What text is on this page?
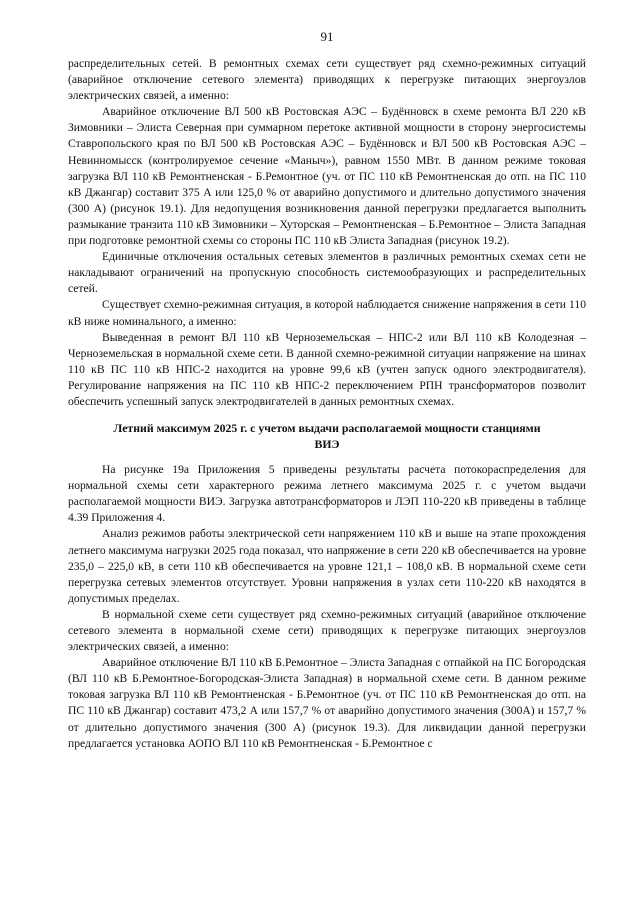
91

распределительных сетей. В ремонтных схемах сети существует ряд схемно-режимных ситуаций (аварийное отключение сетевого элемента) приводящих к перегрузке питающих энергоузлов электрических связей, а именно:

Аварийное отключение ВЛ 500 кВ Ростовская АЭС – Будённовск в схеме ремонта ВЛ 220 кВ Зимовники – Элиста Северная при суммарном перетоке активной мощности в сторону энергосистемы Ставропольского края по ВЛ 500 кВ Ростовская АЭС – Будённовск и ВЛ 500 кВ Ростовская АЭС – Невинномысск (контролируемое сечение «Маныч»), равном 1550 МВт. В данном режиме токовая загрузка ВЛ 110 кВ Ремонтненская - Б.Ремонтное (уч. от ПС 110 кВ Ремонтненская до отп. на ПС 110 кВ Джангар) составит 375 А или 125,0 % от аварийно допустимого и длительно допустимого значения (300 А) (рисунок 19.1). Для недопущения возникновения данной перегрузки предлагается выполнить размыкание транзита 110 кВ Зимовники – Хуторская – Ремонтненская – Б.Ремонтное – Элиста Западная при подготовке ремонтной схемы со стороны ПС 110 кВ Элиста Западная (рисунок 19.2).

Единичные отключения остальных сетевых элементов в различных ремонтных схемах сети не накладывают ограничений на пропускную способность системообразующих и распределительных сетей.

Существует схемно-режимная ситуация, в которой наблюдается снижение напряжения в сети 110 кВ ниже номинального, а именно:

Выведенная в ремонт ВЛ 110 кВ Черноземельская – НПС-2 или ВЛ 110 кВ Колодезная – Черноземельская в нормальной схеме сети. В данной схемно-режимной ситуации напряжение на шинах 110 кВ ПС 110 кВ НПС-2 находится на уровне 99,6 кВ (учтен запуск одного электродвигателя). Регулирование напряжения на ПС 110 кВ НПС-2 переключением РПН трансформаторов позволит обеспечить успешный запуск электродвигателей в данных ремонтных схемах.

Летний максимум 2025 г. с учетом выдачи располагаемой мощности станциями ВИЭ

На рисунке 19а Приложения 5 приведены результаты расчета потокораспределения для нормальной схемы сети характерного режима летнего максимума 2025 г. с учетом выдачи располагаемой мощности ВИЭ. Загрузка автотрансформаторов и ЛЭП 110-220 кВ приведены в таблице 4.39 Приложения 4.

Анализ режимов работы электрической сети напряжением 110 кВ и выше на этапе прохождения летнего максимума нагрузки 2025 года показал, что напряжение в сети 220 кВ обеспечивается на уровне 235,0 – 225,0 кВ, в сети 110 кВ обеспечивается на уровне 121,1 – 108,0 кВ. В нормальной схеме сети перегрузка сетевых элементов отсутствует. Уровни напряжения в узлах сети 110-220 кВ находятся в допустимых пределах.

В нормальной схеме сети существует ряд схемно-режимных ситуаций (аварийное отключение сетевого элемента в нормальной схеме сети) приводящих к перегрузке питающих энергоузлов электрических связей, а именно:

Аварийное отключение ВЛ 110 кВ Б.Ремонтное – Элиста Западная с отпайкой на ПС Богородская (ВЛ 110 кВ Б.Ремонтное-Богородская-Элиста Западная) в нормальной схеме сети. В данном режиме токовая загрузка ВЛ 110 кВ Ремонтненская - Б.Ремонтное (уч. от ПС 110 кВ Ремонтненская до отп. на ПС 110 кВ Джангар) составит 473,2 А или 157,7 % от аварийно допустимого значения (300А) и 157,7 % от длительно допустимого значения (300 А) (рисунок 19.3). Для ликвидации данной перегрузки предлагается установка АОПО ВЛ 110 кВ Ремонтненская - Б.Ремонтное с
